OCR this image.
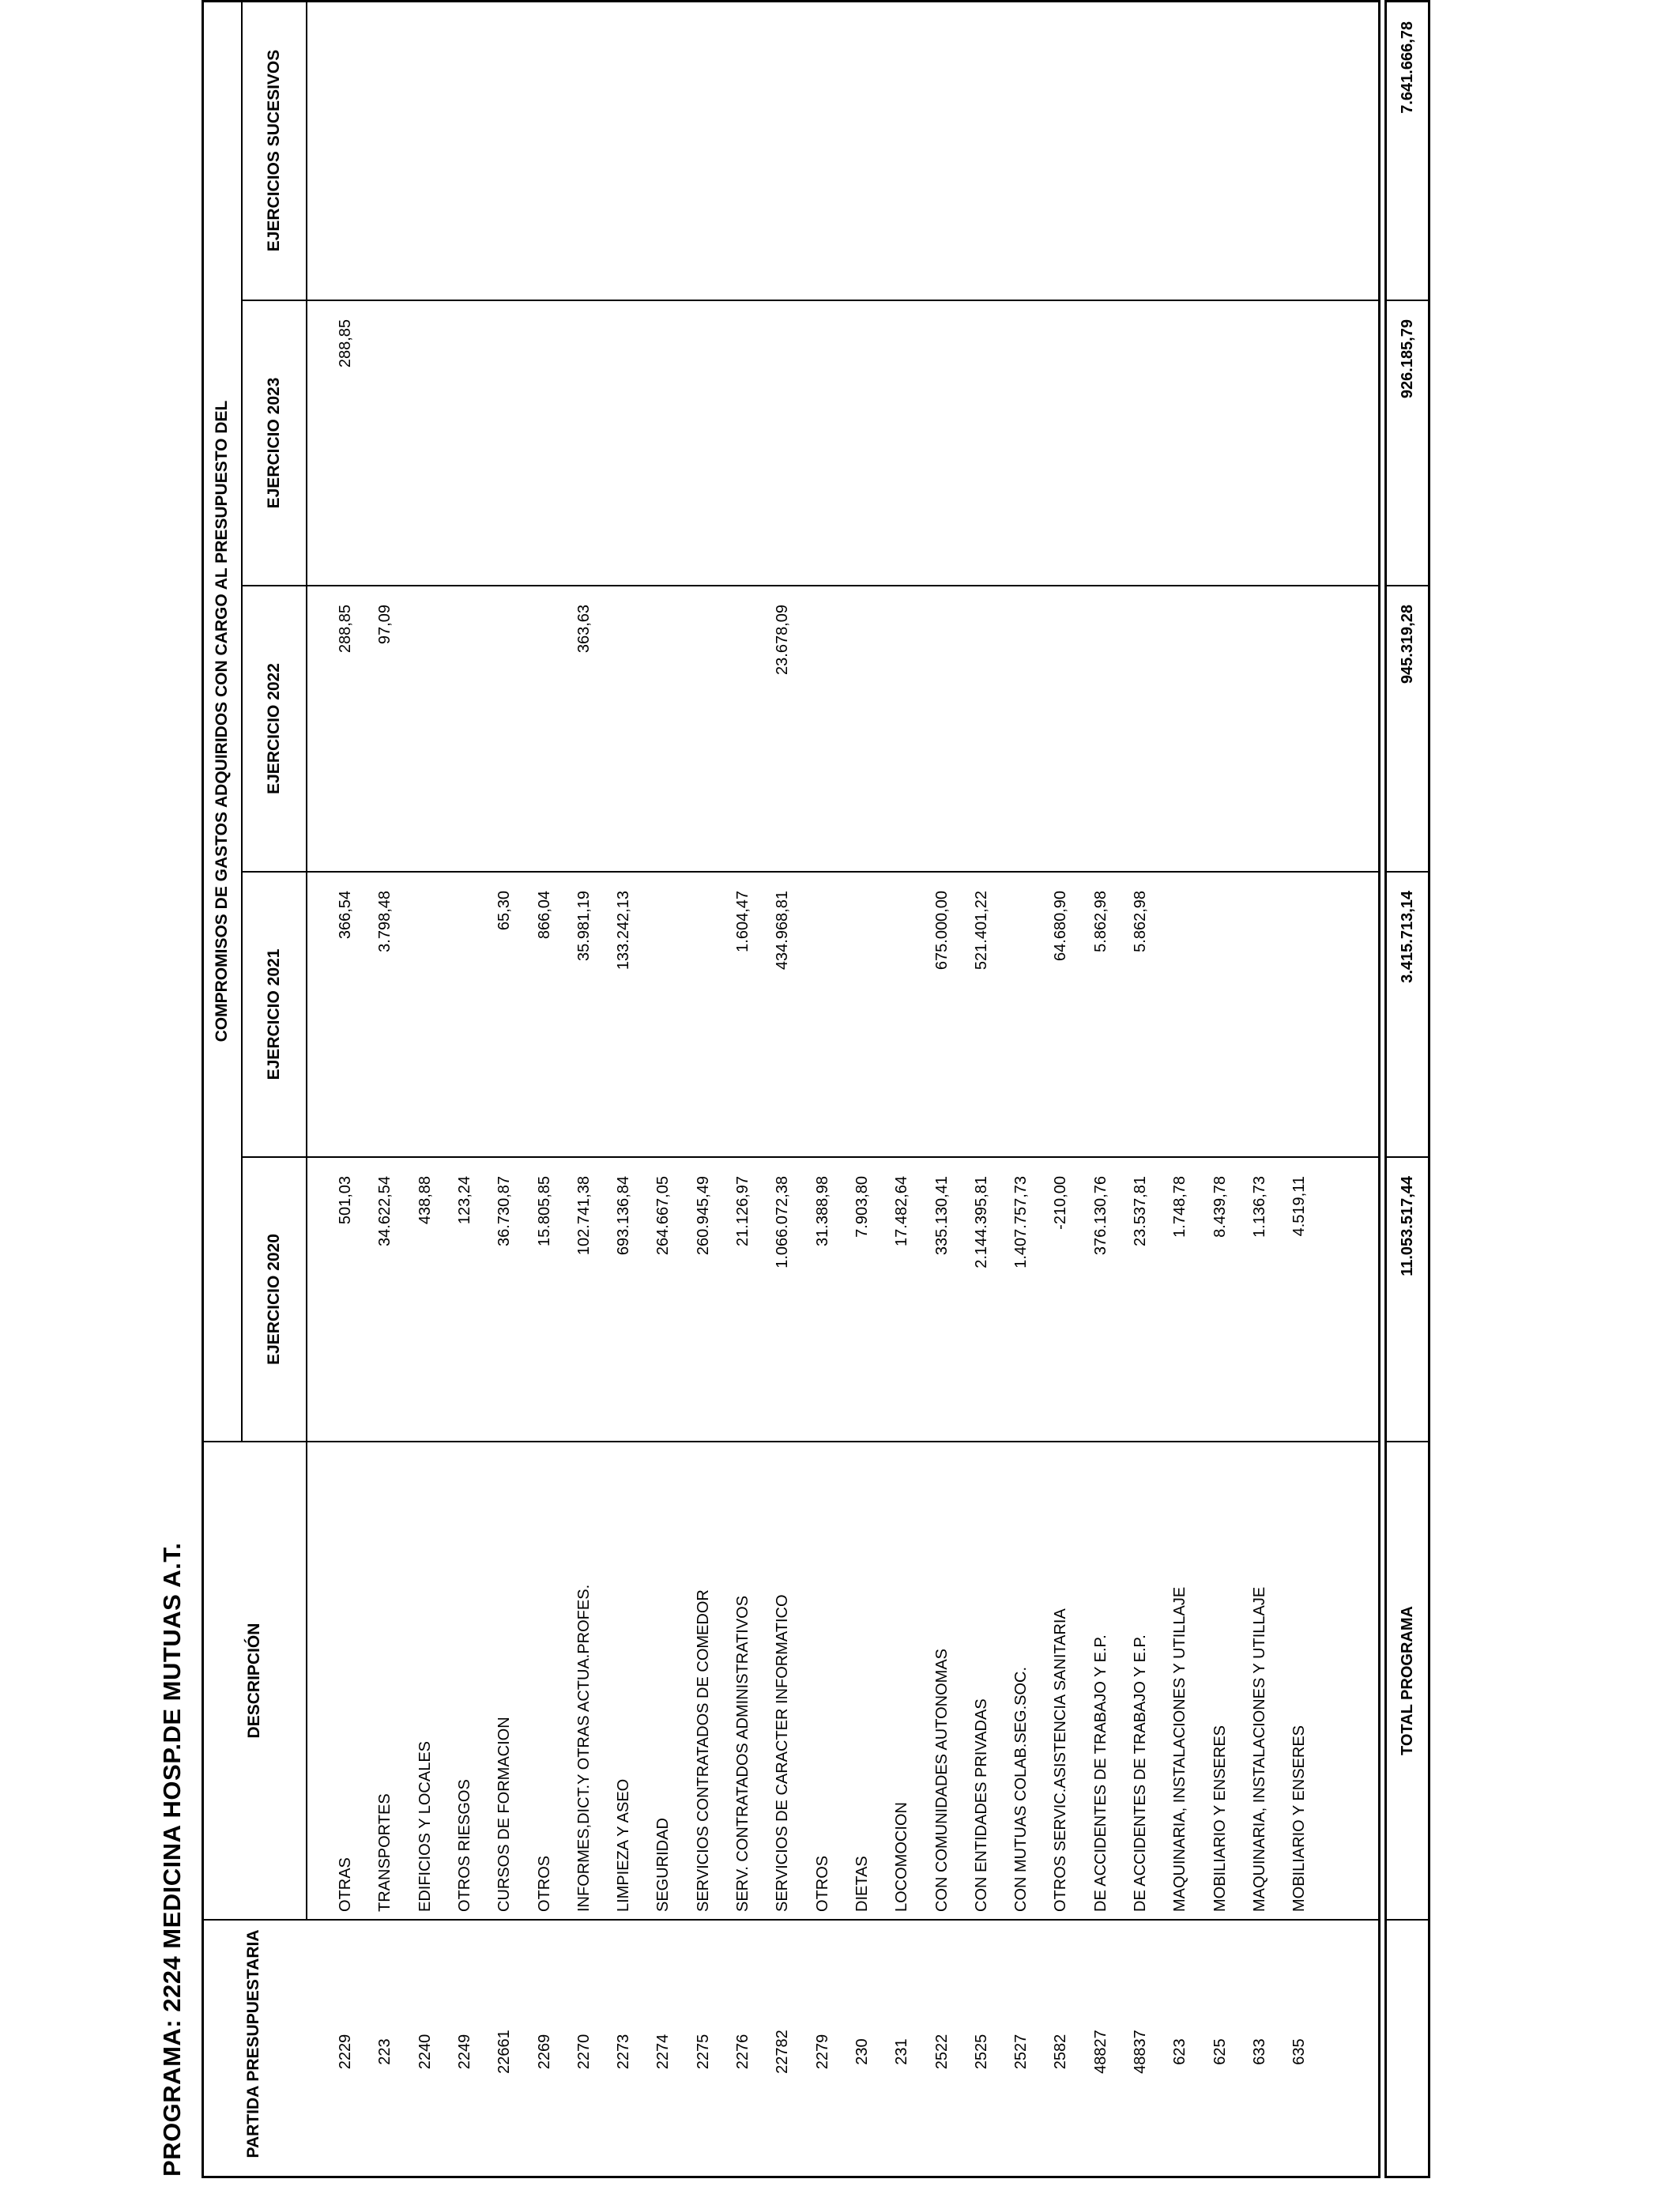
PROGRAMA: 2224 MEDICINA HOSP.DE MUTUAS A.T.	PARTIDA PRESUPUESTARIA
DESCRIPCIÓN
COMPROMISOS DE GASTOS ADQUIRIDOS CON CARGO AL PRESUPUESTO DEL
EJERCICIO 2020
EJERCICIO 2021
EJERCICIO 2022
EJERCICIO 2023
EJERCICIOS SUCESIVOS
2229
OTRAS
501,03
366,54
288,85
288,85
223
TRANSPORTES
34.622,54
3.798,48
97,09
2240
EDIFICIOS Y LOCALES
438,88
2249
OTROS RIESGOS
123,24
22661
CURSOS DE FORMACION
36.730,87
65,30
2269
OTROS
15.805,85
866,04
2270
INFORMES,DICT.Y OTRAS ACTUA.PROFES.
102.741,38
35.981,19
363,63
2273
LIMPIEZA Y ASEO
693.136,84
133.242,13
2274
SEGURIDAD
264.667,05
2275
SERVICIOS CONTRATADOS DE COMEDOR
260.945,49
2276
SERV. CONTRATADOS ADMINISTRATIVOS
21.126,97
1.604,47
22782
SERVICIOS DE CARACTER INFORMATICO
1.066.072,38
434.968,81
23.678,09
2279
OTROS
31.388,98
230
DIETAS
7.903,80
231
LOCOMOCION
17.482,64
2522
CON COMUNIDADES AUTONOMAS
335.130,41
675.000,00
2525
CON ENTIDADES PRIVADAS
2.144.395,81
521.401,22
2527
CON MUTUAS COLAB.SEG.SOC.
1.407.757,73
2582
OTROS SERVIC.ASISTENCIA SANITARIA
-210,00
64.680,90
48827
DE ACCIDENTES DE TRABAJO Y E.P.
376.130,76
5.862,98
48837
DE ACCIDENTES DE TRABAJO Y E.P.
23.537,81
5.862,98
623
MAQUINARIA, INSTALACIONES Y UTILLAJE
1.748,78
625
MOBILIARIO Y ENSERES
8.439,78
633
MAQUINARIA, INSTALACIONES Y UTILLAJE
1.136,73
635
MOBILIARIO Y ENSERES
4.519,11
TOTAL PROGRAMA
11.053.517,44
3.415.713,14
945.319,28
926.185,79
7.641.666,78
